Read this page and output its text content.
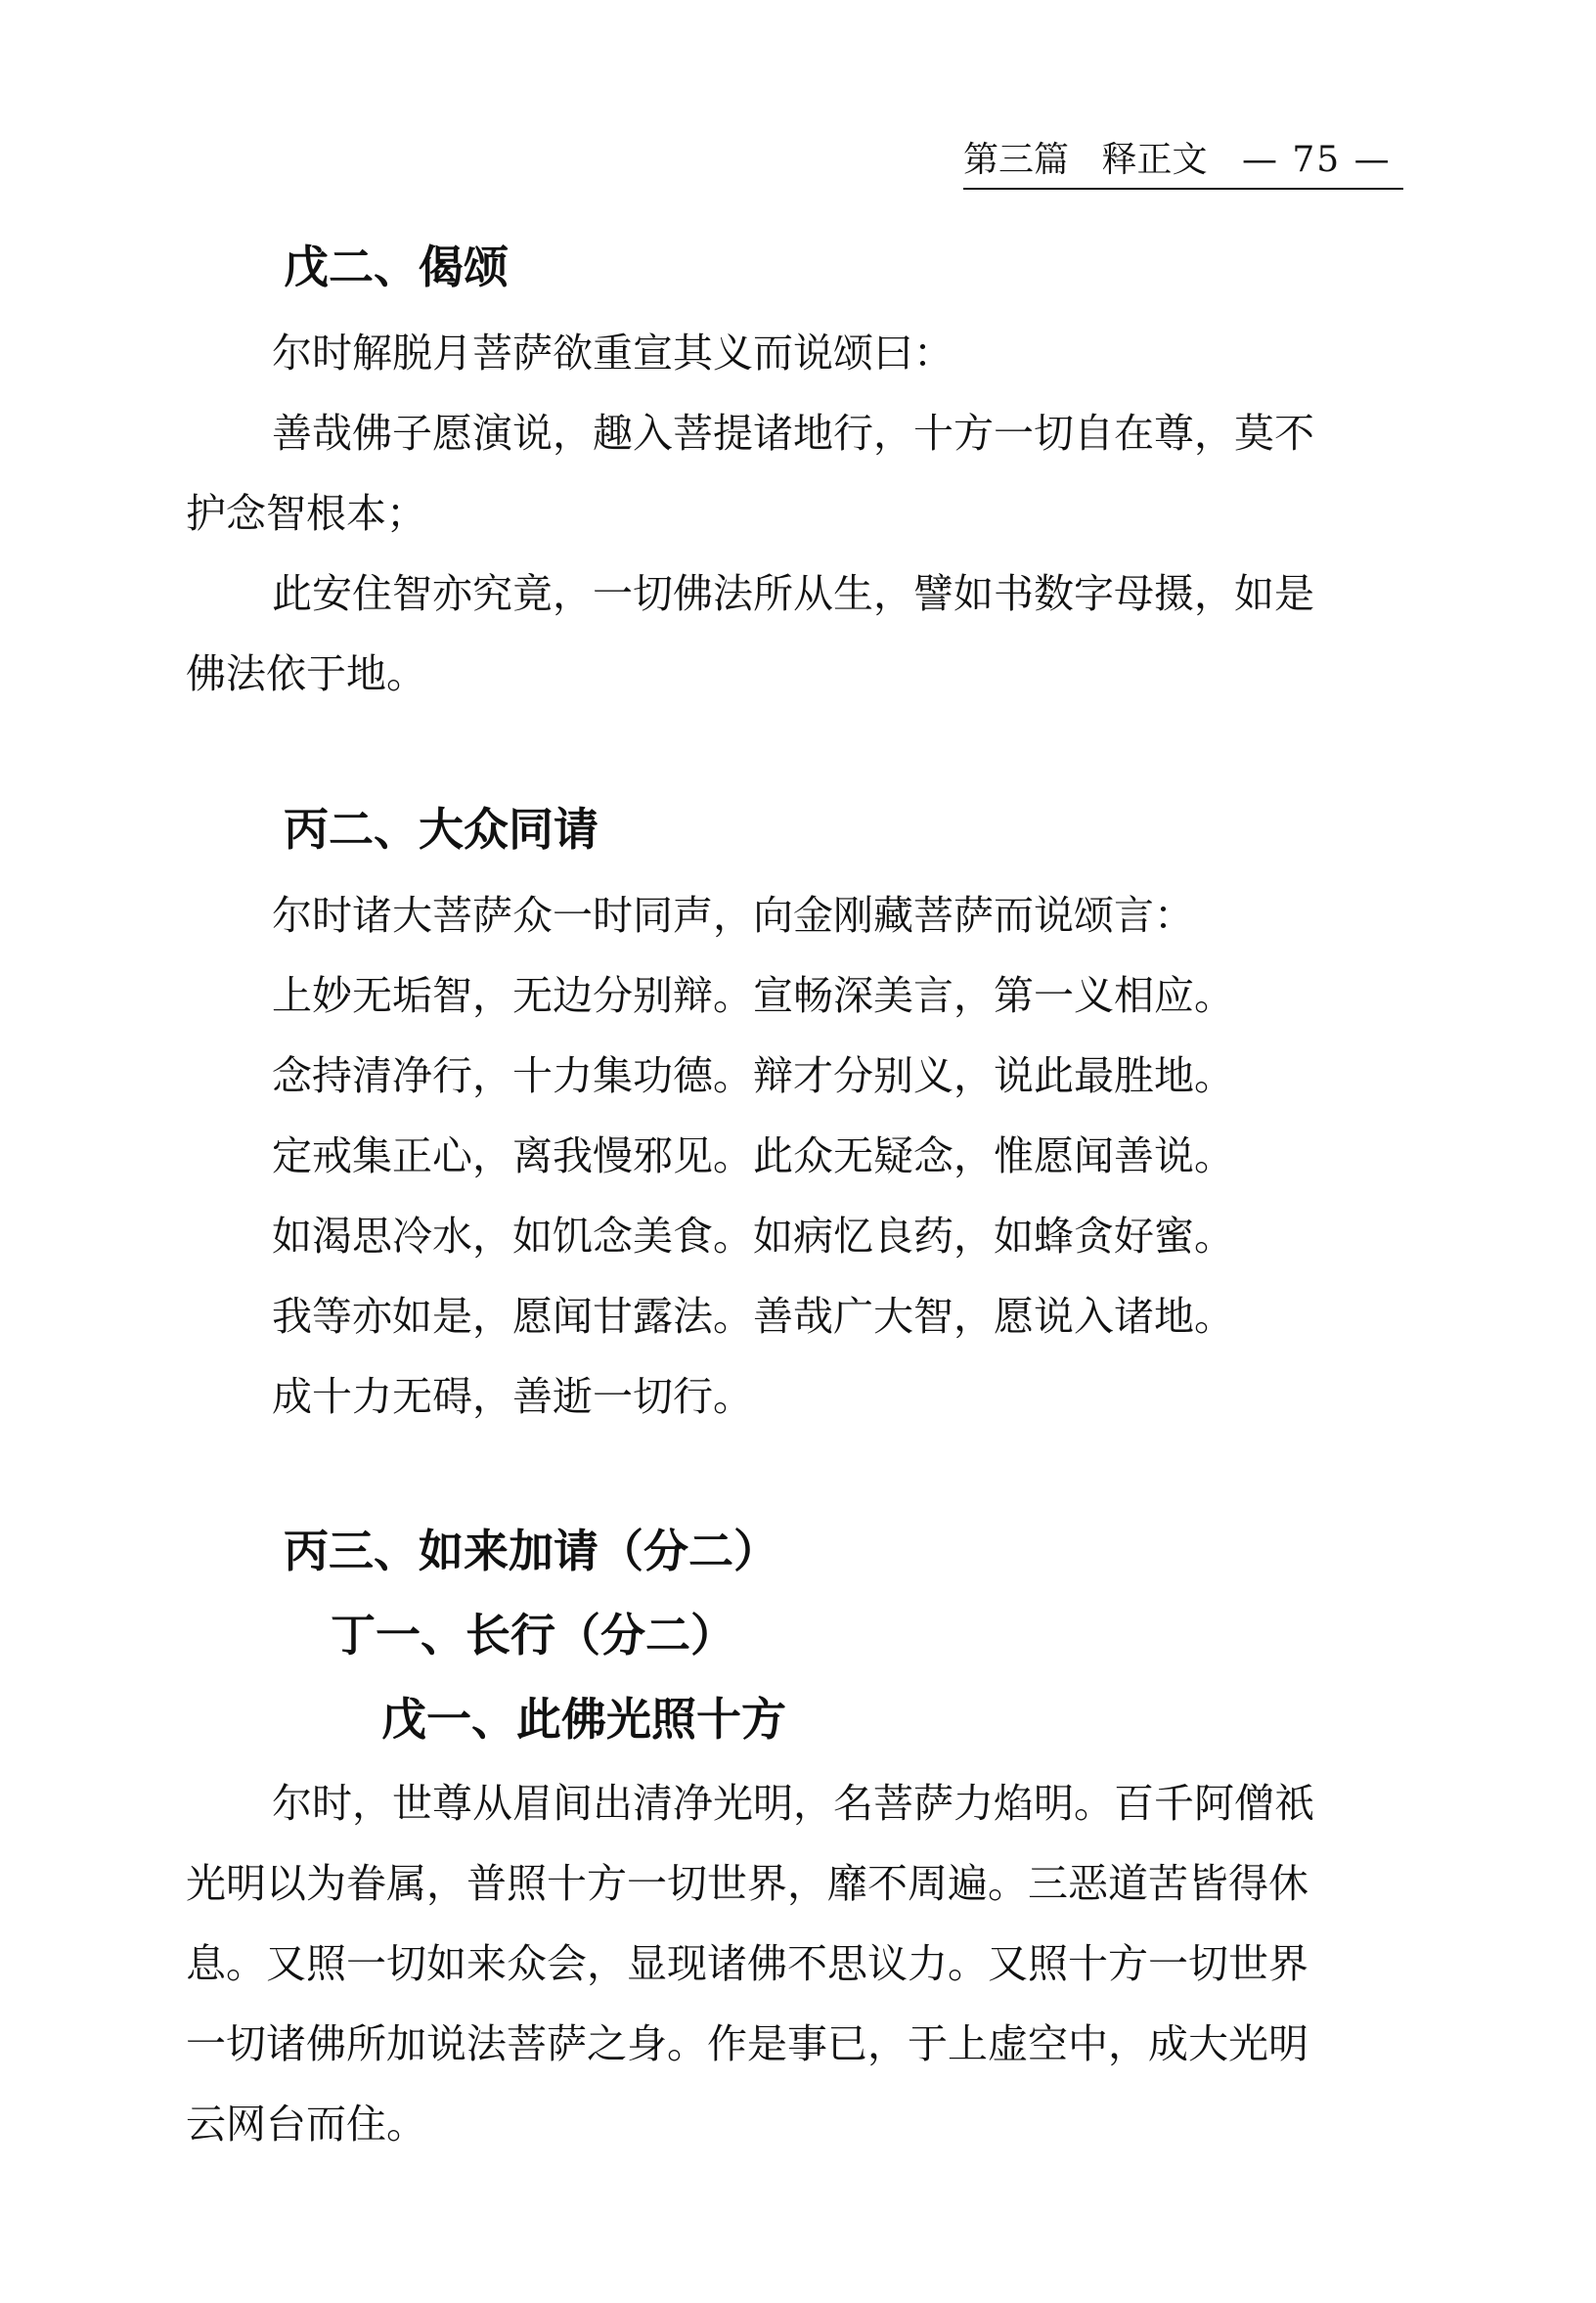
第三篇 释正文 — 75 —
戊二、偈颂
尔时解脱月菩萨欲重宣其义而说颂曰：
善哉佛子愿演说，趣入菩提诸地行，十方一切自在尊，莫不
护念智根本；
此安住智亦究竟，一切佛法所从生，譬如书数字母摄，如是
佛法依于地。
丙二、大众同请
尔时诸大菩萨众一时同声，向金刚藏菩萨而说颂言：
上妙无垢智，无边分别辩。宣畅深美言，第一义相应。
念持清净行，十力集功德。辩才分别义，说此最胜地。
定戒集正心，离我慢邪见。此众无疑念，惟愿闻善说。
如渴思冷水，如饥念美食。如病忆良药，如蜂贪好蜜。
我等亦如是，愿闻甘露法。善哉广大智，愿说入诸地。
成十力无碍，善逝一切行。
丙三、如来加请（分二）
丁一、长行（分二）
戊一、此佛光照十方
尔时，世尊从眉间出清净光明，名菩萨力焰明。百千阿僧祇
光明以为眷属，普照十方一切世界，靡不周遍。三恶道苦皆得休
息。又照一切如来众会，显现诸佛不思议力。又照十方一切世界
一切诸佛所加说法菩萨之身。作是事已，于上虚空中，成大光明
云网台而住。
